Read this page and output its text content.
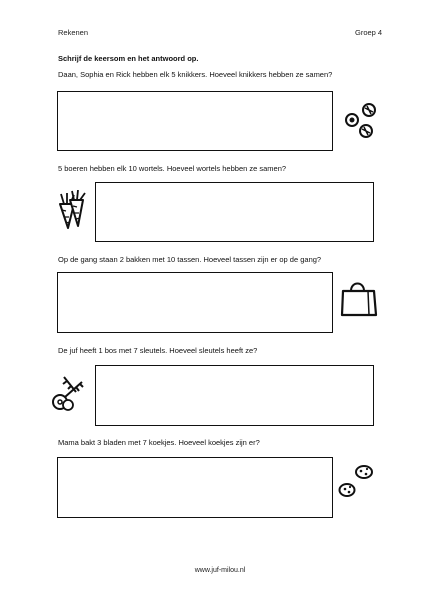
Rekenen	Groep 4
Schrijf de keersom en het antwoord op.
Daan, Sophia en Rick hebben elk 5 knikkers. Hoeveel knikkers hebben ze samen?
5 boeren hebben elk 10 wortels. Hoeveel wortels hebben ze samen?
Op de gang staan 2 bakken met 10 tassen. Hoeveel tassen zijn er op de gang?
De juf heeft 1 bos met 7 sleutels. Hoeveel sleutels heeft ze?
Mama bakt 3 bladen met 7 koekjes. Hoeveel koekjes zijn er?
www.juf-milou.nl
